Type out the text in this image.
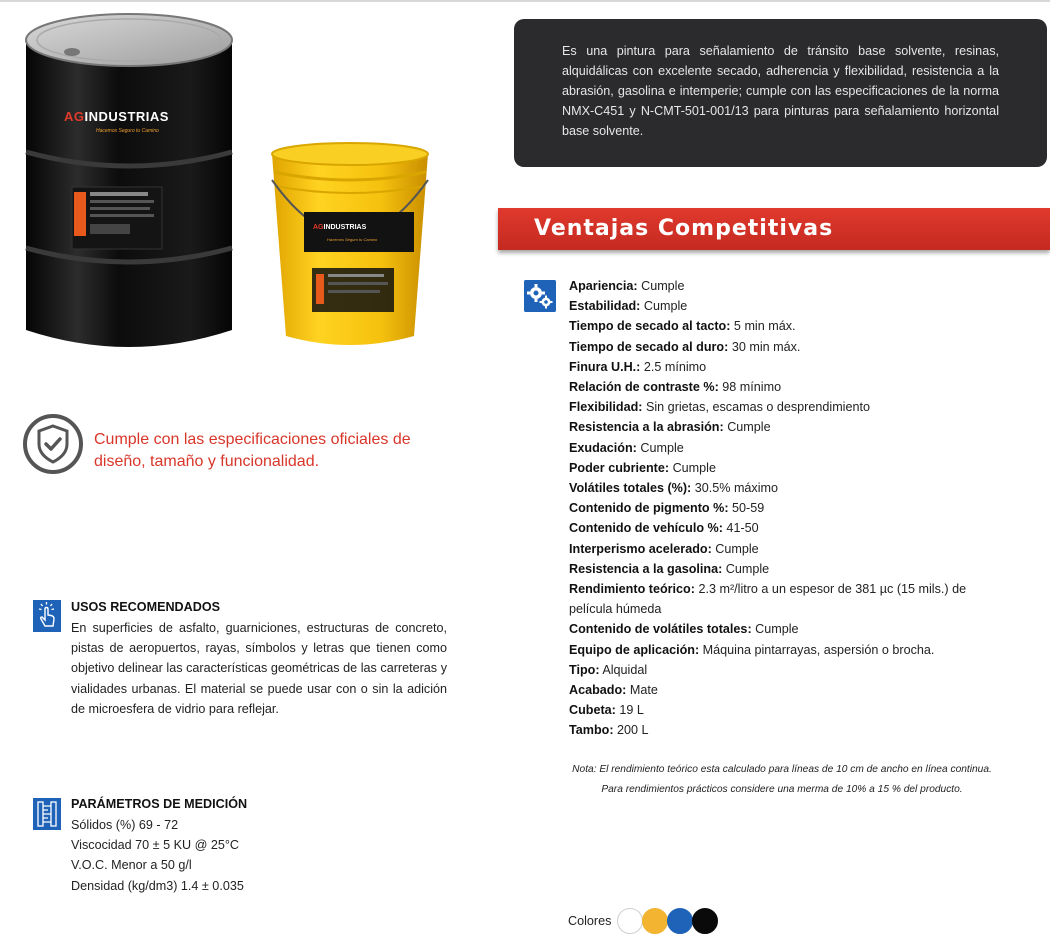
AGINDUSTRIAS
Hacemos Seguro tu Camino
AGINDUSTRIAS
Hacemos Seguro tu Camino
Cumple con las especificaciones oficiales de diseño, tamaño y funcionalidad.

Es una pintura para señalamiento de tránsito base solvente, resinas, alquidálicas con excelente secado, adherencia y flexibilidad, resistencia a la abrasión, gasolina e intemperie; cumple con las especificaciones de la norma NMX-C451 y N-CMT-501-001/13 para pinturas para señalamiento horizontal base solvente.

Ventajas Competitivas
Apariencia: Cumple
Estabilidad: Cumple
Tiempo de secado al tacto: 5 min máx.
Tiempo de secado al duro: 30 min máx.
Finura U.H.: 2.5 mínimo
Relación de contraste %: 98 mínimo
Flexibilidad: Sin grietas, escamas o desprendimiento
Resistencia a la abrasión: Cumple
Exudación: Cumple
Poder cubriente: Cumple
Volátiles totales (%): 30.5% máximo
Contenido de pigmento %: 50-59
Contenido de vehículo %: 41-50
Interperismo acelerado: Cumple
Resistencia a la gasolina: Cumple
Rendimiento teórico: 2.3 m²/litro a un espesor de 381 µc (15 mils.) de película húmeda
Contenido de volátiles totales: Cumple
Equipo de aplicación: Máquina pintarrayas, aspersión o brocha.
Tipo: Alquidal
Acabado: Mate
Cubeta: 19 L
Tambo: 200 L

Nota: El rendimiento teórico esta calculado para líneas de 10 cm de ancho en línea continua. Para rendimientos prácticos considere una merma de 10% a 15 % del producto.

Colores
USOS RECOMENDADOS

En superficies de asfalto, guarniciones, estructuras de concreto, pistas de aeropuertos, rayas, símbolos y letras que tienen como objetivo delinear las características geométricas de las carreteras y vialidades urbanas. El material se puede usar con o sin la adición de microesfera de vidrio para reflejar.

PARÁMETROS DE MEDICIÓN
Sólidos (%) 69 - 72
Viscocidad 70 ± 5 KU @ 25°C
V.O.C. Menor a 50 g/l
Densidad (kg/dm3) 1.4 ± 0.035
